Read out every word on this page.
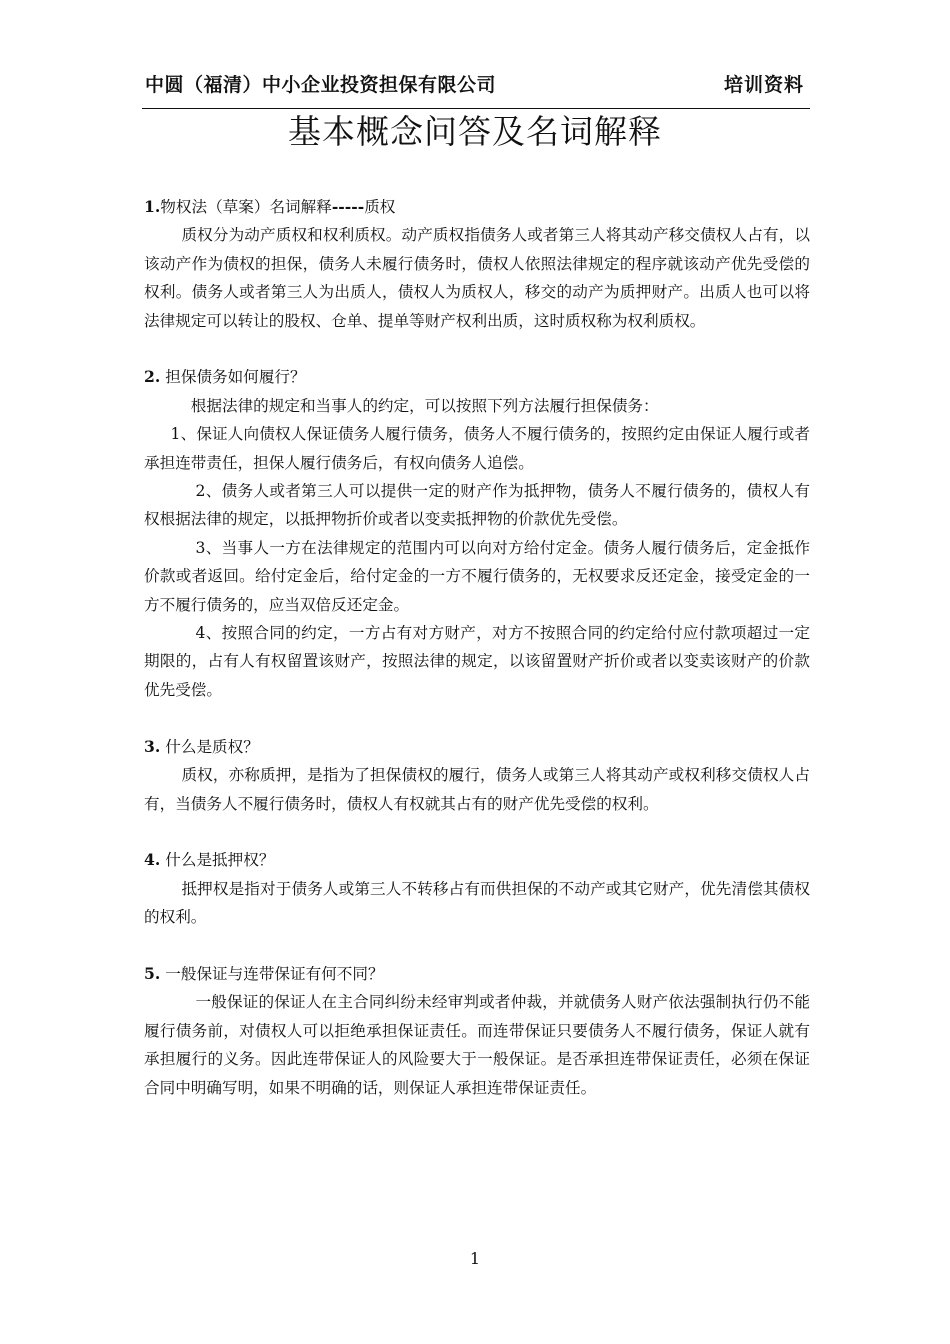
中圆（福清）中小企业投资担保有限公司	培训资料
基本概念问答及名词解释
1.物权法（草案）名词解释-----质权
质权分为动产质权和权利质权。动产质权指债务人或者第三人将其动产移交债权人占有，以该动产作为债权的担保，债务人未履行债务时，债权人依照法律规定的程序就该动产优先受偿的权利。债务人或者第三人为出质人，债权人为质权人，移交的动产为质押财产。出质人也可以将法律规定可以转让的股权、仓单、提单等财产权利出质，这时质权称为权利质权。
2. 担保债务如何履行？
根据法律的规定和当事人的约定，可以按照下列方法履行担保债务：
1、保证人向债权人保证债务人履行债务，债务人不履行债务的，按照约定由保证人履行或者承担连带责任，担保人履行债务后，有权向债务人追偿。
2、债务人或者第三人可以提供一定的财产作为抵押物，债务人不履行债务的，债权人有权根据法律的规定，以抵押物折价或者以变卖抵押物的价款优先受偿。
3、当事人一方在法律规定的范围内可以向对方给付定金。债务人履行债务后，定金抵作价款或者返回。给付定金后，给付定金的一方不履行债务的，无权要求反还定金，接受定金的一方不履行债务的，应当双倍反还定金。
4、按照合同的约定，一方占有对方财产，对方不按照合同的约定给付应付款项超过一定期限的，占有人有权留置该财产，按照法律的规定，以该留置财产折价或者以变卖该财产的价款优先受偿。
3. 什么是质权？
质权，亦称质押，是指为了担保债权的履行，债务人或第三人将其动产或权利移交债权人占有，当债务人不履行债务时，债权人有权就其占有的财产优先受偿的权利。
4. 什么是抵押权？
抵押权是指对于债务人或第三人不转移占有而供担保的不动产或其它财产，优先清偿其债权的权利。
5. 一般保证与连带保证有何不同？
一般保证的保证人在主合同纠纷未经审判或者仲裁，并就债务人财产依法强制执行仍不能履行债务前，对债权人可以拒绝承担保证责任。而连带保证只要债务人不履行债务，保证人就有承担履行的义务。因此连带保证人的风险要大于一般保证。是否承担连带保证责任，必须在保证合同中明确写明，如果不明确的话，则保证人承担连带保证责任。
1
